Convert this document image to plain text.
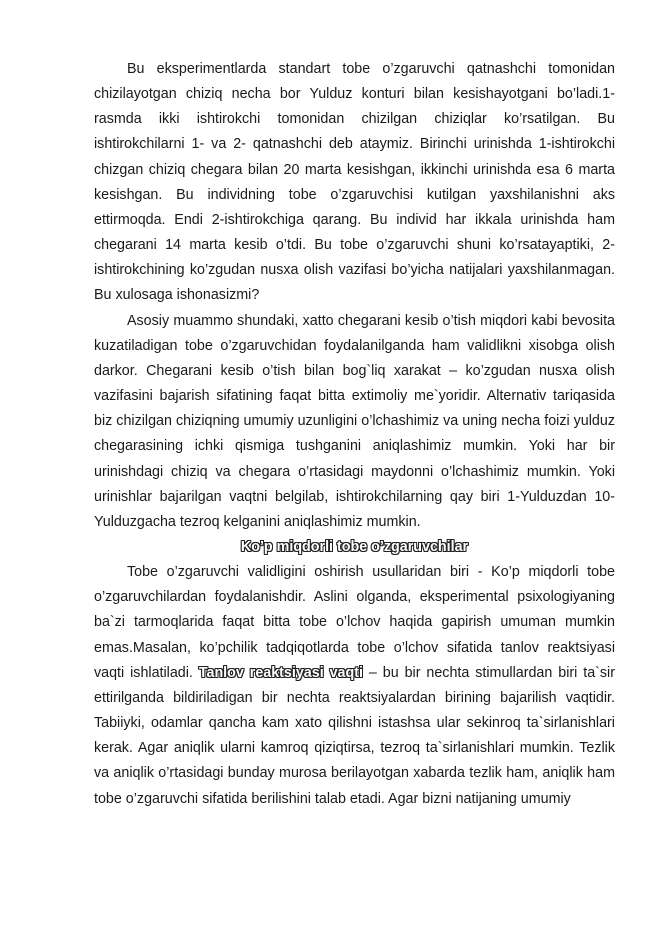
Bu eksperimentlarda standart tobe o’zgaruvchi qatnashchi tomonidan chizilayotgan chiziq necha bor Yulduz konturi bilan kesishayotgani bo’ladi.1-rasmda ikki ishtirokchi tomonidan chizilgan chiziqlar ko’rsatilgan. Bu ishtirokchilarni 1- va 2- qatnashchi deb ataymiz. Birinchi urinishda 1-ishtirokchi chizgan chiziq chegara bilan 20 marta kesishgan, ikkinchi urinishda esa 6 marta kesishgan. Bu individning tobe o’zgaruvchisi kutilgan yaxshilanishni aks ettirmoqda. Endi 2-ishtirokchiga qarang. Bu individ har ikkala urinishda ham chegarani 14 marta kesib o’tdi. Bu tobe o’zgaruvchi shuni ko’rsatayaptiki, 2-ishtirokchining ko’zgudan nusxa olish vazifasi bo’yicha natijalari yaxshilanmagan. Bu xulosaga ishonasizmi?

Asosiy muammo shundaki, xatto chegarani kesib o’tish miqdori kabi bevosita kuzatiladigan tobe o’zgaruvchidan foydalanilganda ham validlikni xisobga olish darkor. Chegarani kesib o’tish bilan bog`liq xarakat – ko’zgudan nusxa olish vazifasini bajarish sifatining faqat bitta extimoliy me`yoridir. Alternativ tariqasida biz chizilgan chiziqning umumiy uzunligini o’lchashimiz va uning necha foizi yulduz chegarasining ichki qismiga tushganini aniqlashimiz mumkin. Yoki har bir urinishdagi chiziq va chegara o’rtasidagi maydonni o’lchashimiz mumkin. Yoki urinishlar bajarilgan vaqtni belgilab, ishtirokchilarning qay biri 1-Yulduzdan 10-Yulduzgacha tezroq kelganini aniqlashimiz mumkin.

Ko’p miqdorli tobe o’zgaruvchilar

Tobe o’zgaruvchi validligini oshirish usullaridan biri - Ko’p miqdorli tobe o’zgaruvchilardan foydalanishdir. Aslini olganda, eksperimental psixologiyaning ba`zi tarmoqlarida faqat bitta tobe o’lchov haqida gapirish umuman mumkin emas.Masalan, ko’pchilik tadqiqotlarda tobe o’lchov sifatida tanlov reaktsiyasi vaqti ishlatiladi. Tanlov reaktsiyasi vaqti – bu bir nechta stimullardan biri ta`sir ettirilganda bildiriladigan bir nechta reaktsiyalardan birining bajarilish vaqtidir. Tabiiyki, odamlar qancha kam xato qilishni istashsa ular sekinroq ta`sirlanishlari kerak. Agar aniqlik ularni kamroq qiziqtirsa, tezroq ta`sirlanishlari mumkin. Tezlik va aniqlik o’rtasidagi bunday murosa berilayotgan xabarda tezlik ham, aniqlik ham tobe o’zgaruvchi sifatida berilishini talab etadi. Agar bizni natijaning umumiy
